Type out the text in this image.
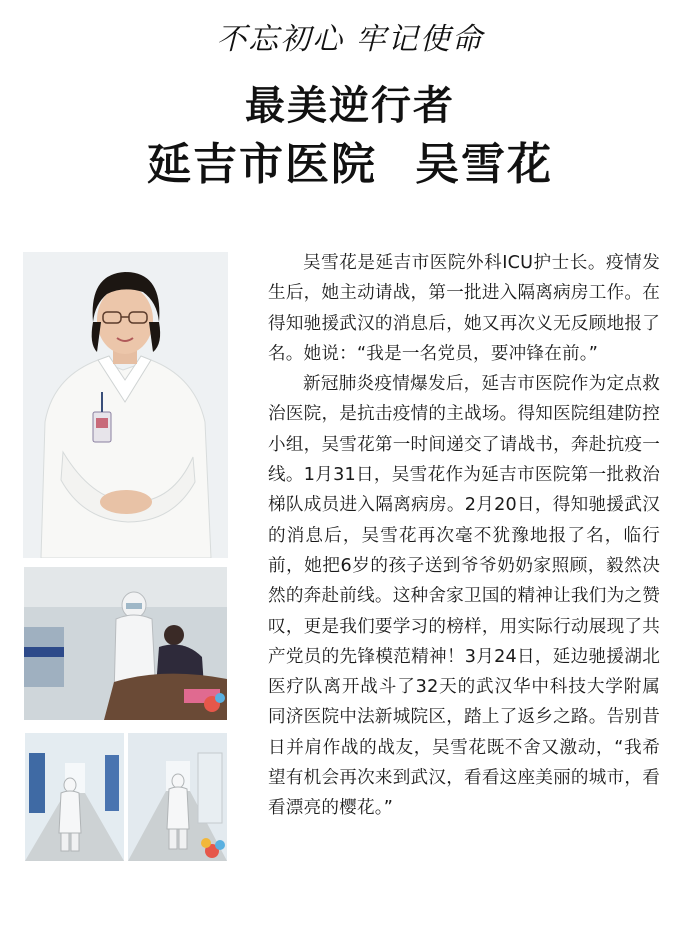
不忘初心 牢记使命
最美逆行者
延吉市医院 吴雪花

吴雪花是延吉市医院外科ICU护士长。疫情发生后，她主动请战，第一批进入隔离病房工作。在得知驰援武汉的消息后，她又再次义无反顾地报了名。她说：“我是一名党员，要冲锋在前。”

新冠肺炎疫情爆发后，延吉市医院作为定点救治医院，是抗击疫情的主战场。得知医院组建防控小组，吴雪花第一时间递交了请战书，奔赴抗疫一线。1月31日，吴雪花作为延吉市医院第一批救治梯队成员进入隔离病房。2月20日，得知驰援武汉的消息后，吴雪花再次毫不犹豫地报了名，临行前，她把6岁的孩子送到爷爷奶奶家照顾，毅然决然的奔赴前线。这种舍家卫国的精神让我们为之赞叹，更是我们要学习的榜样，用实际行动展现了共产党员的先锋模范精神！3月24日，延边驰援湖北医疗队离开战斗了32天的武汉华中科技大学附属同济医院中法新城院区，踏上了返乡之路。告别昔日并肩作战的战友，吴雪花既不舍又激动，“我希望有机会再次来到武汉，看看这座美丽的城市，看看漂亮的樱花。”
